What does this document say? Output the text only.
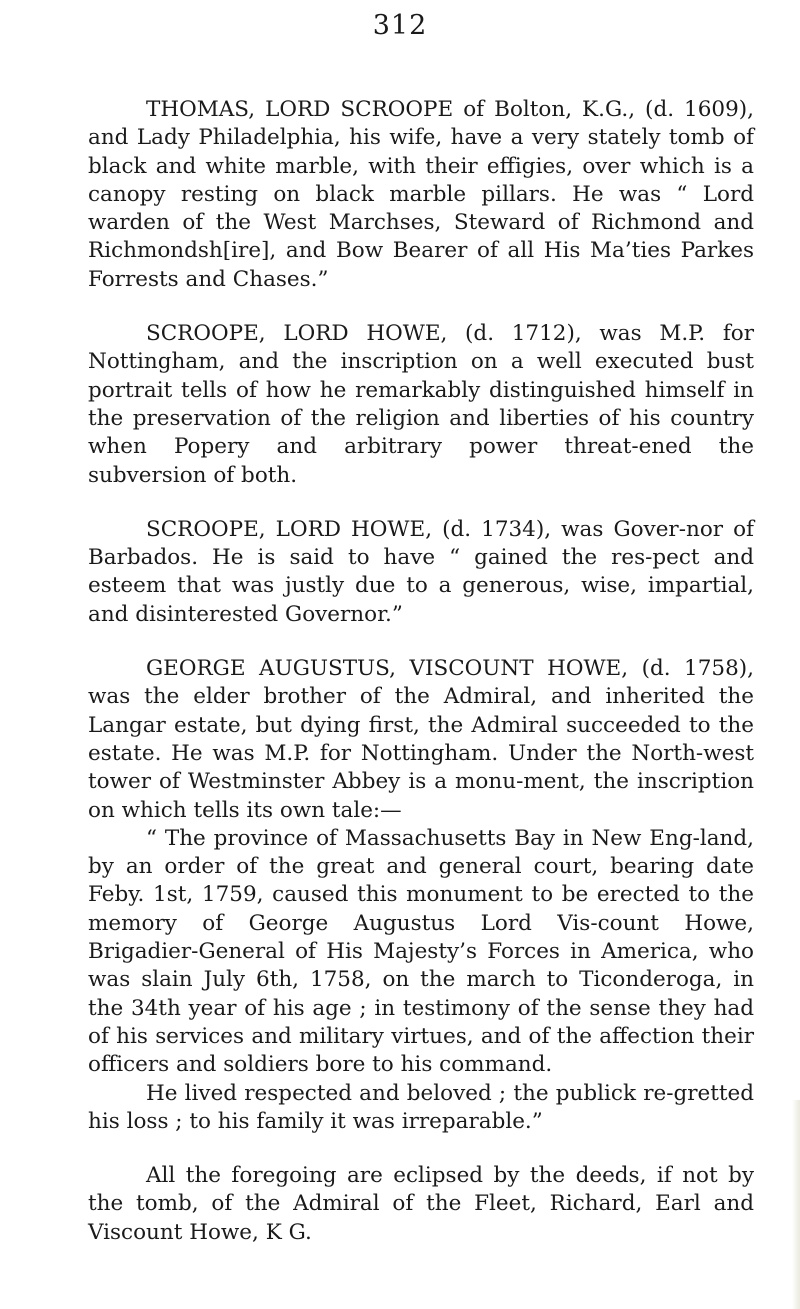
312

THOMAS, LORD SCROOPE of Bolton, K.G., (d. 1609), and Lady Philadelphia, his wife, have a very stately tomb of black and white marble, with their effigies, over which is a canopy resting on black marble pillars. He was “ Lord warden of the West Marchses, Steward of Richmond and Richmondsh[ire], and Bow Bearer of all His Ma’ties Parkes Forrests and Chases.”

SCROOPE, LORD HOWE, (d. 1712), was M.P. for Nottingham, and the inscription on a well executed bust portrait tells of how he remarkably distinguished himself in the preservation of the religion and liberties of his country when Popery and arbitrary power threat-ened the subversion of both.

SCROOPE, LORD HOWE, (d. 1734), was Gover-nor of Barbados. He is said to have “ gained the res-pect and esteem that was justly due to a generous, wise, impartial, and disinterested Governor.”

GEORGE AUGUSTUS, VISCOUNT HOWE, (d. 1758), was the elder brother of the Admiral, and inherited the Langar estate, but dying first, the Admiral succeeded to the estate. He was M.P. for Nottingham. Under the North-west tower of Westminster Abbey is a monu-ment, the inscription on which tells its own tale:—

“ The province of Massachusetts Bay in New Eng-land, by an order of the great and general court, bearing date Feby. 1st, 1759, caused this monument to be erected to the memory of George Augustus Lord Vis-count Howe, Brigadier-General of His Majesty’s Forces in America, who was slain July 6th, 1758, on the march to Ticonderoga, in the 34th year of his age ; in testimony of the sense they had of his services and military virtues, and of the affection their officers and soldiers bore to his command.

He lived respected and beloved ; the publick re-gretted his loss ; to his family it was irreparable.”

All the foregoing are eclipsed by the deeds, if not by the tomb, of the Admiral of the Fleet, Richard, Earl and Viscount Howe, K G.
